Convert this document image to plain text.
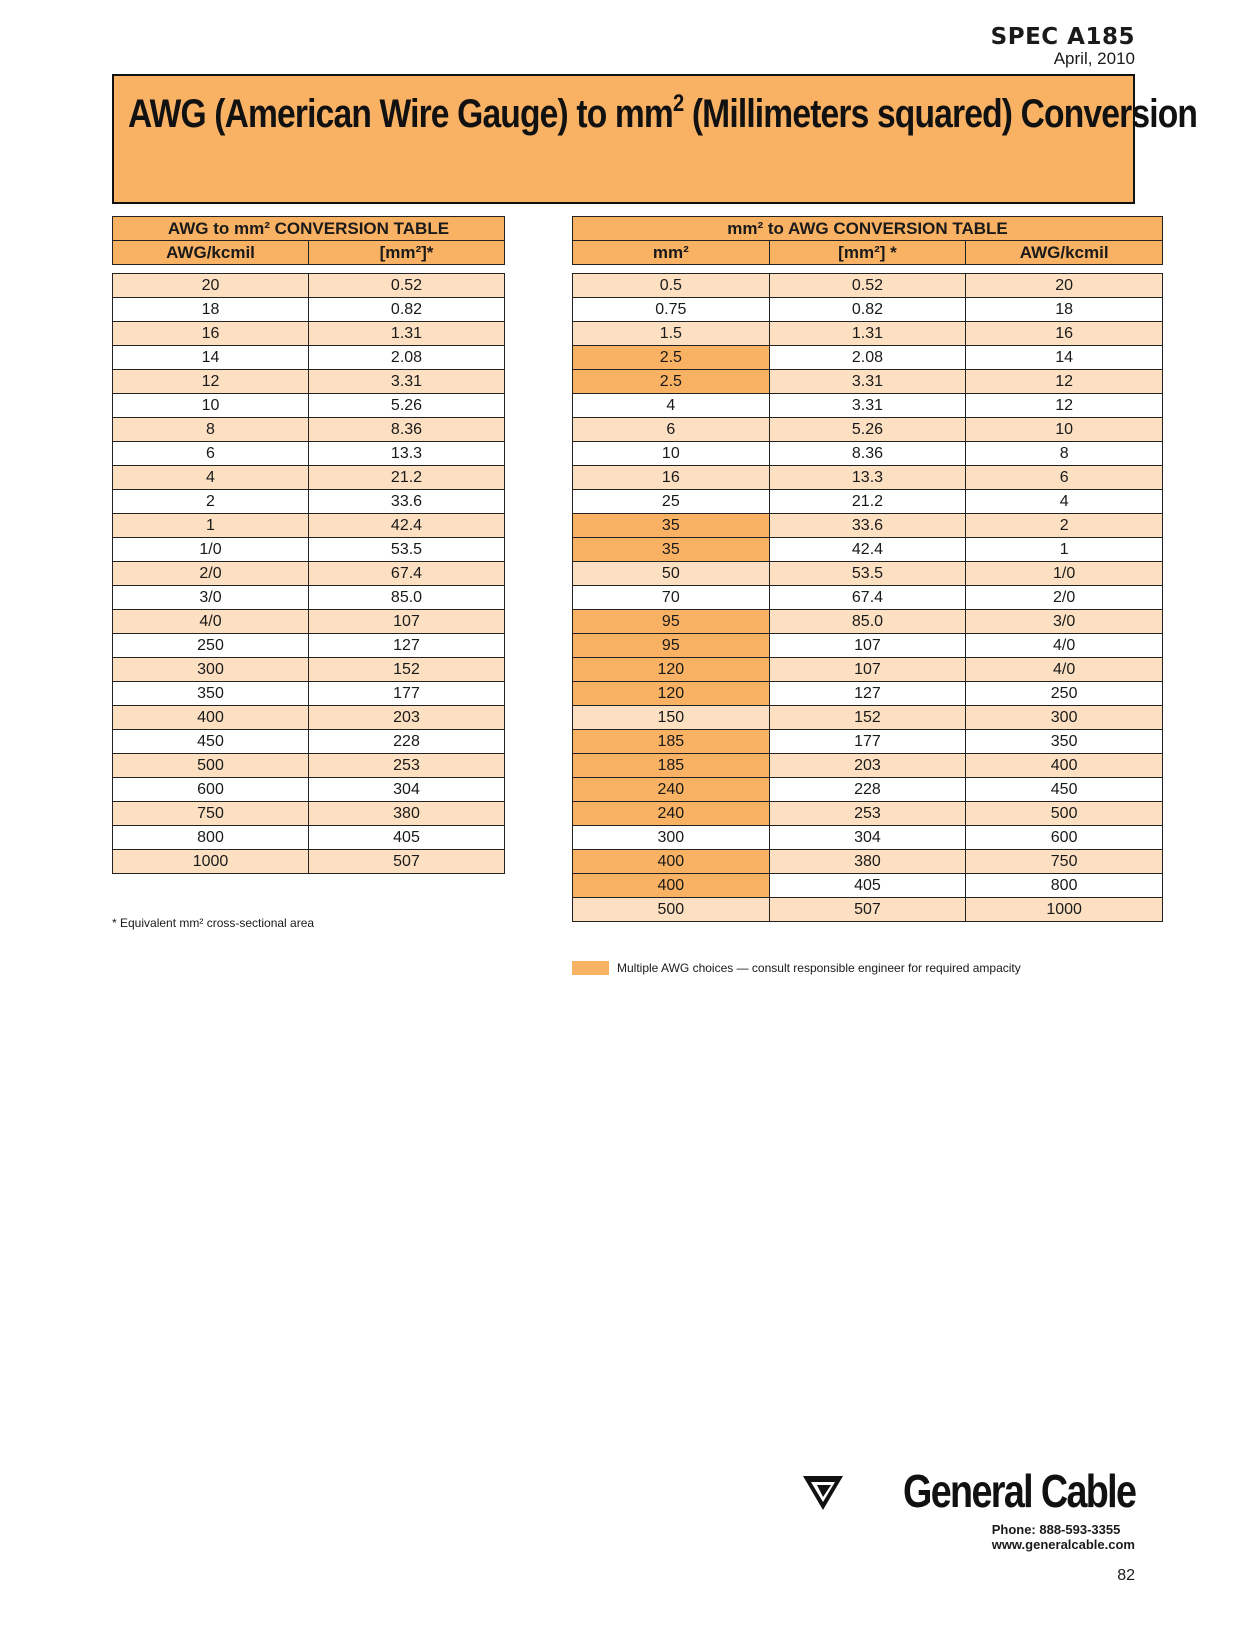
SPEC A185
April, 2010
AWG (American Wire Gauge) to $mm^2$ (Millimeters squared) Conversion
AWG to mm² CONVERSION TABLE	
AWG/kcmil	[mm²]*

20	0.52
18	0.82
16	1.31
14	2.08
12	3.31
10	5.26
8	8.36
6	13.3
4	21.2
2	33.6
1	42.4
1/0	53.5
2/0	67.4
3/0	85.0
4/0	107
250	127
300	152
350	177
400	203
450	228
500	253
600	304
750	380
800	405
1000	507
mm² to AWG CONVERSION TABLE		
mm²	[mm²] *	AWG/kcmil

0.5	0.52	20
0.75	0.82	18
1.5	1.31	16
2.5	2.08	14
2.5	3.31	12
4	3.31	12
6	5.26	10
10	8.36	8
16	13.3	6
25	21.2	4
35	33.6	2
35	42.4	1
50	53.5	1/0
70	67.4	2/0
95	85.0	3/0
95	107	4/0
120	107	4/0
120	127	250
150	152	300
185	177	350
185	203	400
240	228	450
240	253	500
300	304	600
400	380	750
400	405	800
500	507	1000
* Equivalent mm² cross-sectional area
Multiple AWG choices — consult responsible engineer for required ampacity
General Cable
Phone: 888-593-3355
www.generalcable.com
82
